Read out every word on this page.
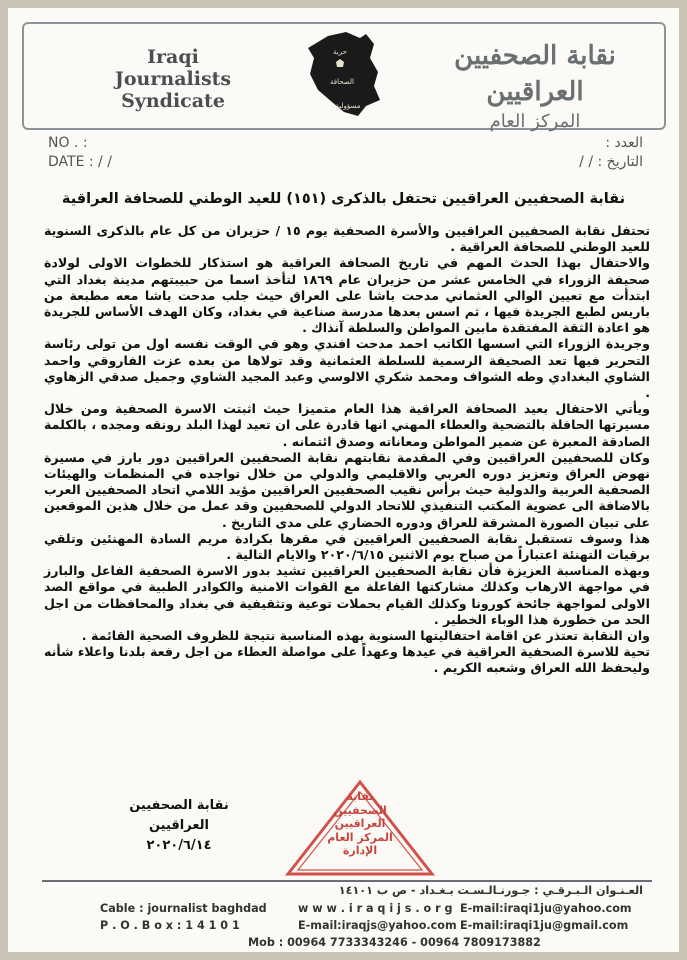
Iraqi
Journalists Syndicate
حرية
الصحافة
مسؤولية
نقابة الصحفيين العراقيين
المركز العام
NO . :
DATE : / /
العدد :
التاريخ : / /
نقابة الصحفيين العراقيين تحتفل بالذكرى (١٥١) للعيد الوطني للصحافة العراقية

تحتفل نقابة الصحفيين العراقيين والأسرة الصحفية يوم ١٥ / حزيران من كل عام بالذكرى السنوية للعيد الوطني للصحافة العراقية .

والاحتفال بهذا الحدث المهم في تاريخ الصحافة العراقية هو استذكار للخطوات الاولى لولادة صحيفة الزوراء في الخامس عشر من حزيران عام ١٨٦٩ لتأخذ اسما من حبيبتهم مدينة بغداد التي ابتدأت مع تعيين الوالي العثماني مدحت باشا على العراق حيث جلب مدحت باشا معه مطبعة من باريس لطبع الجريدة فيها ، ثم اسس بعدها مدرسة صناعية في بغداد، وكان الهدف الأساس للجريدة هو اعادة الثقة المفتقدة مابين المواطن والسلطة آنذاك .

وجريدة الزوراء التي اسسها الكاتب احمد مدحت افندي وهو في الوقت نفسه اول من تولى رئاسة التحرير فيها تعد الصحيفة الرسمية للسلطة العثمانية وقد تولاها من بعده عزت الفاروقي واحمد الشاوي البغدادي وطه الشواف ومحمد شكري الالوسي وعبد المجيد الشاوي وجميل صدقي الزهاوي .

ويأتي الاحتفال بعيد الصحافة العراقية هذا العام متميزا حيث اثبتت الاسرة الصحفية ومن خلال مسيرتها الحافلة بالتضحية والعطاء المهني انها قادرة على ان تعيد لهذا البلد رونقه ومجده ، بالكلمة الصادقة المعبرة عن ضمير المواطن ومعاناته وصدق ائتمانه .

وكان للصحفيين العراقيين وفي المقدمة نقابتهم نقابة الصحفيين العراقيين دور بارز في مسيرة نهوض العراق وتعزيز دوره العربي والاقليمي والدولي من خلال تواجده في المنظمات والهيئات الصحفية العربية والدولية حيث برأس نقيب الصحفيين العراقيين مؤيد اللامي اتحاد الصحفيين العرب بالاضافة الى عضوية المكتب التنفيذي للاتحاد الدولي للصحفيين وقد عمل من خلال هذين الموقعين على تبيان الصورة المشرقة للعراق ودوره الحضاري على مدى التاريخ .

هذا وسوف تستقبل نقابة الصحفيين العراقيين في مقرها بكرادة مريم السادة المهنئين وتلقي برقيات التهنئة اعتباراً من صباح يوم الاثنين ٢٠٢٠/٦/١٥ والايام التالية .

وبهذه المناسبة العزيزة فأن نقابة الصحفيين العراقيين تشيد بدور الاسرة الصحفية الفاعل والبارز في مواجهة الارهاب وكذلك مشاركتها الفاعلة مع القوات الامنية والكوادر الطبية في مواقع الصد الاولى لمواجهة جائحة كورونا وكذلك القيام بحملات توعية وتثقيفية في بغداد والمحافظات من اجل الحد من خطورة هذا الوباء الخطير .

وان النقابة تعتذر عن اقامة احتفاليتها السنوية بهذه المناسبة نتيجة للظروف الصحية القائمة .

تحية للاسرة الصحفية العراقية في عيدها وعهداً على مواصلة العطاء من اجل رفعة بلدنا واعلاء شأنه وليحفظ الله العراق وشعبه الكريم .

نقابة الصحفيين العراقيين
٢٠٢٠/٦/١٤
نقابة
الصحفيين
العراقيين
المركز العام
الإدارة
العـنـوان الـبـرقـي : جـورنـالـسـت بـغـداد - ص ب ١٤١٠١
Cable : journalist baghdad	w w w . i r a q i j s . o r g E-mail:iraqi1ju@yahoo.com
P . O . B o x : 1 4 1 0 1	E-mail:iraqjs@yahoo.com E-mail:iraqi1ju@gmail.com
Mob : 00964 7733343246 - 00964 7809173882
